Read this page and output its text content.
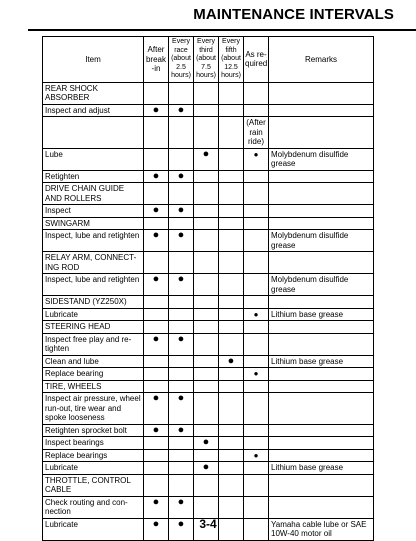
MAINTENANCE INTERVALS
Item	After break -in	Every race (about 2.5 hours)	Every third (about 7.5 hours)	Every fifth (about 12.5 hours)	As re-quired	Remarks
REAR SHOCK ABSORBER						
Inspect and adjust	●	●				
					(After rain ride)	
Lube			●		●	Molybdenum disulfide grease
Retighten	●	●				
DRIVE CHAIN GUIDE AND ROLLERS						
Inspect	●	●				
SWINGARM						
Inspect, lube and retighten	●	●				Molybdenum disulfide grease
RELAY ARM, CONNECT-ING ROD						
Inspect, lube and retighten	●	●				Molybdenum disulfide grease
SIDESTAND (YZ250X)						
Lubricate					●	Lithium base grease
STEERING HEAD						
Inspect free play and re-tighten	●	●				
Clean and lube				●		Lithium base grease
Replace bearing					●	
TIRE, WHEELS						
Inspect air pressure, wheel run-out, tire wear and spoke looseness	●	●				
Retighten sprocket bolt	●	●				
Inspect bearings			●			
Replace bearings					●	
Lubricate			●			Lithium base grease
THROTTLE, CONTROL CABLE						
Check routing and con-nection	●	●				
Lubricate	●	●				Yamaha cable lube or SAE 10W-40 motor oil
3-4
